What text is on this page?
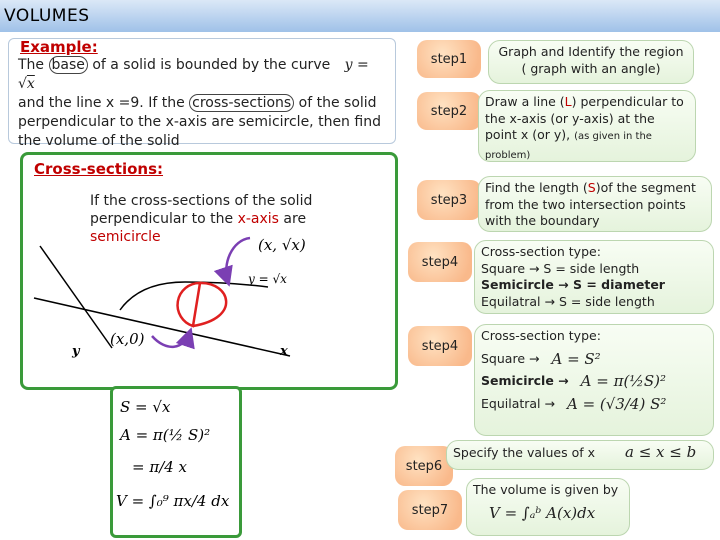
VOLUMES
Example:
The base of a solid is bounded by the curve y = √x
and the line x =9. If the cross-sections of the solid perpendicular to the x-axis are semicircle, then find the volume of the solid
Cross-sections:
If the cross-sections of the solid perpendicular to the x-axis are semicircle	(x, √x)
(x,0)
y = √x
x
y
S = √x
A = π(½ S)²
= π/4 x
V = ∫₀⁹ πx/4 dx
step1	Graph and Identify the region ( graph with an angle)
step2
Draw a line (L) perpendicular to the x-axis (or y-axis) at the point x (or y), (as given in the problem)
step3
Find the length (S)of the segment from the two intersection points with the boundary
step4
Cross-section type:
Square → S = side length
Semicircle → S = diameter
Equilatral → S = side length
step4
Cross-section type:
Square → A = S²
Semicircle → A = π(½S)²
Equilatral → A = (√3/4) S²
step6
Specify the values of x a ≤ x ≤ b
step7
The volume is given by
V = ∫ₐᵇ A(x)dx
